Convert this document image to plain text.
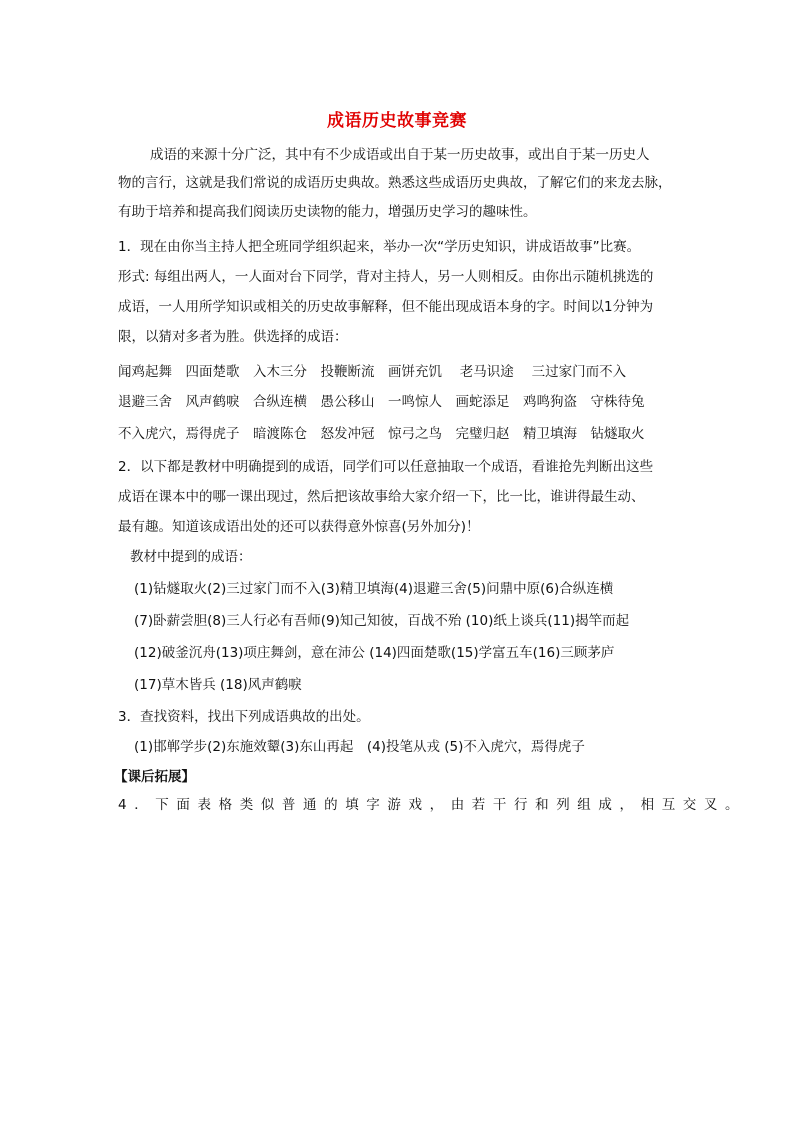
成语历史故事竞赛
成语的来源十分广泛，其中有不少成语或出自于某一历史故事，或出自于某一历史人
物的言行，这就是我们常说的成语历史典故。熟悉这些成语历史典故，了解它们的来龙去脉，
有助于培养和提高我们阅读历史读物的能力，增强历史学习的趣味性。
1．现在由你当主持人把全班同学组织起来，举办一次“学历史知识，讲成语故事”比赛。
形式: 每组出两人，一人面对台下同学，背对主持人，另一人则相反。由你出示随机挑选的
成语，一人用所学知识或相关的历史故事解释，但不能出现成语本身的字。时间以1分钟为
限，以猜对多者为胜。供选择的成语：
闻鸡起舞　四面楚歌　入木三分　投鞭断流　画饼充饥　 老马识途　 三过家门而不入
退避三舍　风声鹤唳　合纵连横　愚公移山　一鸣惊人　画蛇添足　鸡鸣狗盗　守株待兔
不入虎穴，焉得虎子　暗渡陈仓　怒发冲冠　惊弓之鸟　完璧归赵　精卫填海　钻燧取火
2．以下都是教材中明确提到的成语，同学们可以任意抽取一个成语，看谁抢先判断出这些
成语在课本中的哪一课出现过，然后把该故事给大家介绍一下，比一比，谁讲得最生动、
最有趣。知道该成语出处的还可以获得意外惊喜(另外加分)！
教材中提到的成语：
(1)钻燧取火(2)三过家门而不入(3)精卫填海(4)退避三舍(5)问鼎中原(6)合纵连横
(7)卧薪尝胆(8)三人行必有吾师(9)知己知彼，百战不殆 (10)纸上谈兵(11)揭竿而起
(12)破釜沉舟(13)项庄舞剑，意在沛公 (14)四面楚歌(15)学富五车(16)三顾茅庐
(17)草木皆兵 (18)风声鹤唳
3．查找资料，找出下列成语典故的出处。
(1)邯郸学步(2)东施效颦(3)东山再起　(4)投笔从戎 (5)不入虎穴，焉得虎子
【课后拓展】
4．下面表格类似普通的填字游戏，由若干行和列组成，相互交叉。
